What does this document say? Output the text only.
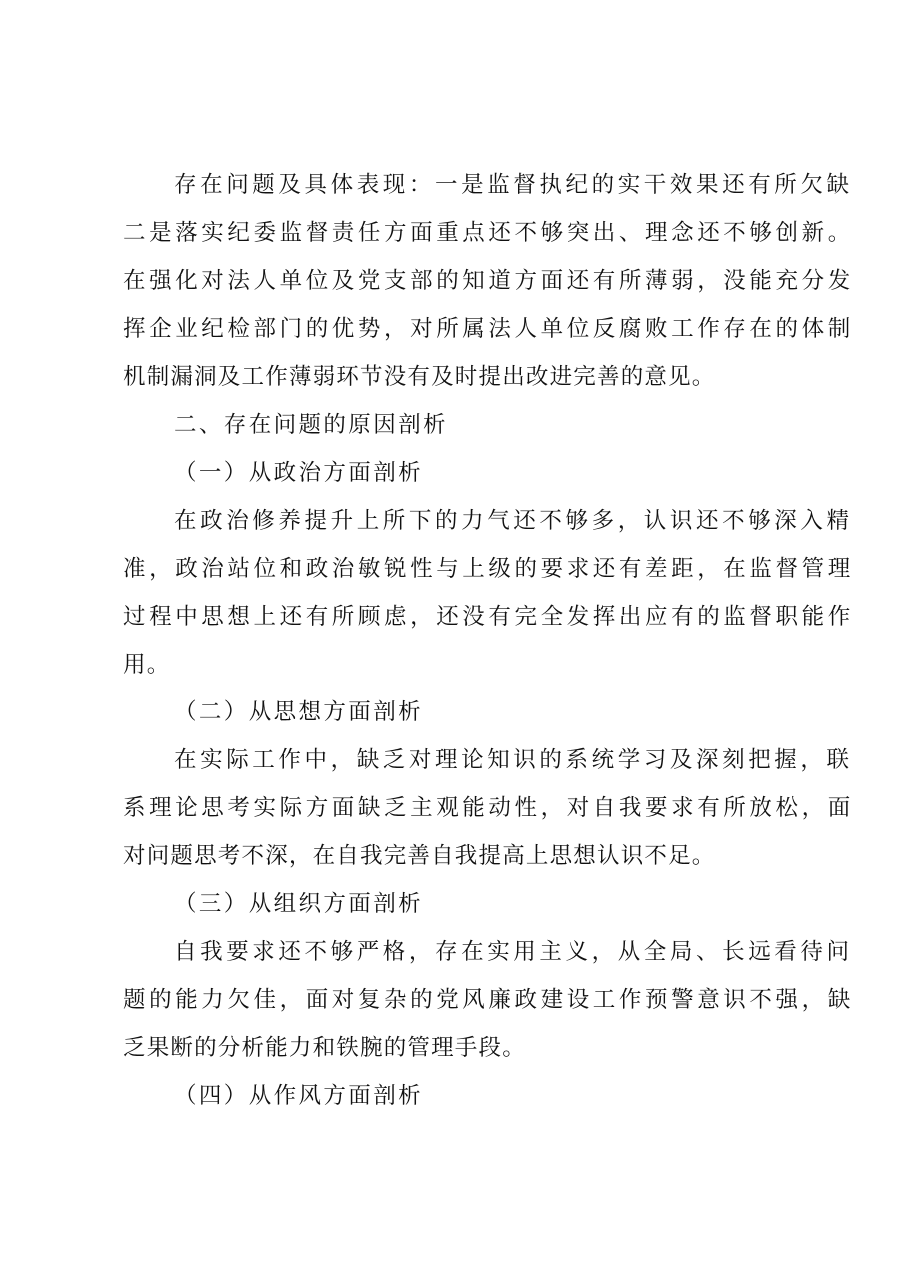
存在问题及具体表现：一是监督执纪的实干效果还有所欠缺
二是落实纪委监督责任方面重点还不够突出、理念还不够创新。
在强化对法人单位及党支部的知道方面还有所薄弱，没能充分发
挥企业纪检部门的优势，对所属法人单位反腐败工作存在的体制
机制漏洞及工作薄弱环节没有及时提出改进完善的意见。
二、存在问题的原因剖析
（一）从政治方面剖析
在政治修养提升上所下的力气还不够多，认识还不够深入精
准，政治站位和政治敏锐性与上级的要求还有差距，在监督管理
过程中思想上还有所顾虑，还没有完全发挥出应有的监督职能作
用。
（二）从思想方面剖析
在实际工作中，缺乏对理论知识的系统学习及深刻把握，联
系理论思考实际方面缺乏主观能动性，对自我要求有所放松，面
对问题思考不深，在自我完善自我提高上思想认识不足。
（三）从组织方面剖析
自我要求还不够严格，存在实用主义，从全局、长远看待问
题的能力欠佳，面对复杂的党风廉政建设工作预警意识不强，缺
乏果断的分析能力和铁腕的管理手段。
（四）从作风方面剖析
